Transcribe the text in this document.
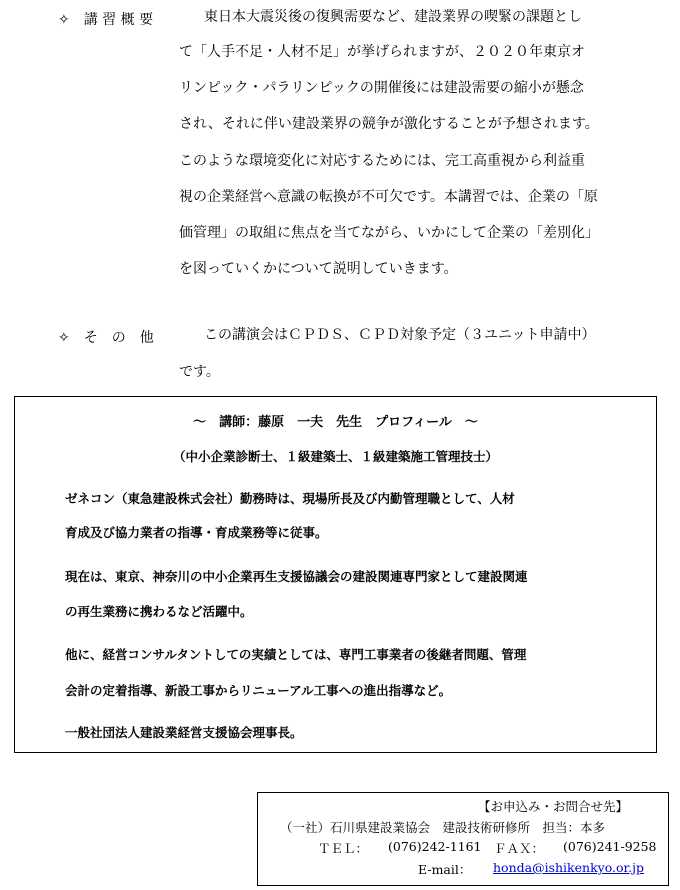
✧　講 習 概 要	東日本大震災後の復興需要など、建設業界の喫緊の課題とし
て「人手不足・人材不足」が挙げられますが、２０２０年東京オ
リンピック・パラリンピックの開催後には建設需要の縮小が懸念
され、それに伴い建設業界の競争が激化することが予想されます。
このような環境変化に対応するためには、完工高重視から利益重
視の企業経営へ意識の転換が不可欠です。本講習では、企業の「原
価管理」の取組に焦点を当てながら、いかにして企業の「差別化」
を図っていくかについて説明していきます。
✧　そ　の　他	この講演会はＣＰＤＳ、ＣＰＤ対象予定（３ユニット申請中）
です。
～　講師：藤原　一夫　先生　プロフィール　～
（中小企業診断士、１級建築士、１級建築施工管理技士）
ゼネコン（東急建設株式会社）勤務時は、現場所長及び内勤管理職として、人材
育成及び協力業者の指導・育成業務等に従事。
現在は、東京、神奈川の中小企業再生支援協議会の建設関連専門家として建設関連
の再生業務に携わるなど活躍中。
他に、経営コンサルタントしての実績としては、専門工事業者の後継者問題、管理
会計の定着指導、新設工事からリニューアル工事への進出指導など。
一般社団法人建設業経営支援協会理事長。
【お申込み・お問合せ先】
（一社）石川県建設業協会　建設技術研修所　担当：本多
ＴＥＬ： (076)242-1161 ＦＡＸ： (076)241-9258
E-mail： honda@ishikenkyo.or.jp
